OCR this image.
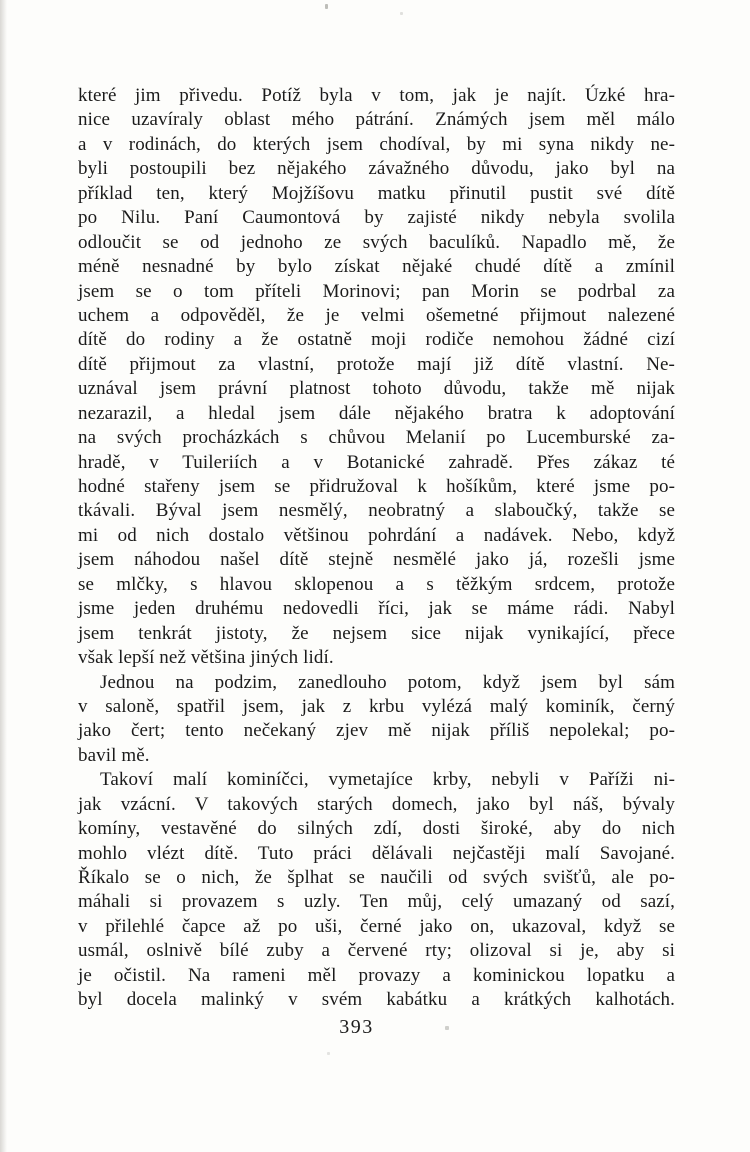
které jim přivedu. Potíž byla v tom, jak je najít. Úzké hra-
nice uzavíraly oblast mého pátrání. Známých jsem měl málo
a v rodinách, do kterých jsem chodíval, by mi syna nikdy ne-
byli postoupili bez nějakého závažného důvodu, jako byl na
příklad ten, který Mojžíšovu matku přinutil pustit své dítě
po Nilu. Paní Caumontová by zajisté nikdy nebyla svolila
odloučit se od jednoho ze svých baculíků. Napadlo mě, že
méně nesnadné by bylo získat nějaké chudé dítě a zmínil
jsem se o tom příteli Morinovi; pan Morin se podrbal za
uchem a odpověděl, že je velmi ošemetné přijmout nalezené
dítě do rodiny a že ostatně moji rodiče nemohou žádné cizí
dítě přijmout za vlastní, protože mají již dítě vlastní. Ne-
uznával jsem právní platnost tohoto důvodu, takže mě nijak
nezarazil, a hledal jsem dále nějakého bratra k adoptování
na svých procházkách s chůvou Melanií po Lucemburské za-
hradě, v Tuileriích a v Botanické zahradě. Přes zákaz té
hodné stařeny jsem se přidružoval k hošíkům, které jsme po-
tkávali. Býval jsem nesmělý, neobratný a slaboučký, takže se
mi od nich dostalo většinou pohrdání a nadávek. Nebo, když
jsem náhodou našel dítě stejně nesmělé jako já, rozešli jsme
se mlčky, s hlavou sklopenou a s těžkým srdcem, protože
jsme jeden druhému nedovedli říci, jak se máme rádi. Nabyl
jsem tenkrát jistoty, že nejsem sice nijak vynikající, přece
však lepší než většina jiných lidí.
Jednou na podzim, zanedlouho potom, když jsem byl sám
v saloně, spatřil jsem, jak z krbu vylézá malý kominík, černý
jako čert; tento nečekaný zjev mě nijak příliš nepolekal; po-
bavil mě.
Takoví malí kominíčci, vymetajíce krby, nebyli v Paříži ni-
jak vzácní. V takových starých domech, jako byl náš, bývaly
komíny, vestavěné do silných zdí, dosti široké, aby do nich
mohlo vlézt dítě. Tuto práci dělávali nejčastěji malí Savojané.
Říkalo se o nich, že šplhat se naučili od svých svišťů, ale po-
máhali si provazem s uzly. Ten můj, celý umazaný od sazí,
v přilehlé čapce až po uši, černé jako on, ukazoval, když se
usmál, oslnivě bílé zuby a červené rty; olizoval si je, aby si
je očistil. Na rameni měl provazy a kominickou lopatku a
byl docela malinký v svém kabátku a krátkých kalhotách.
393
